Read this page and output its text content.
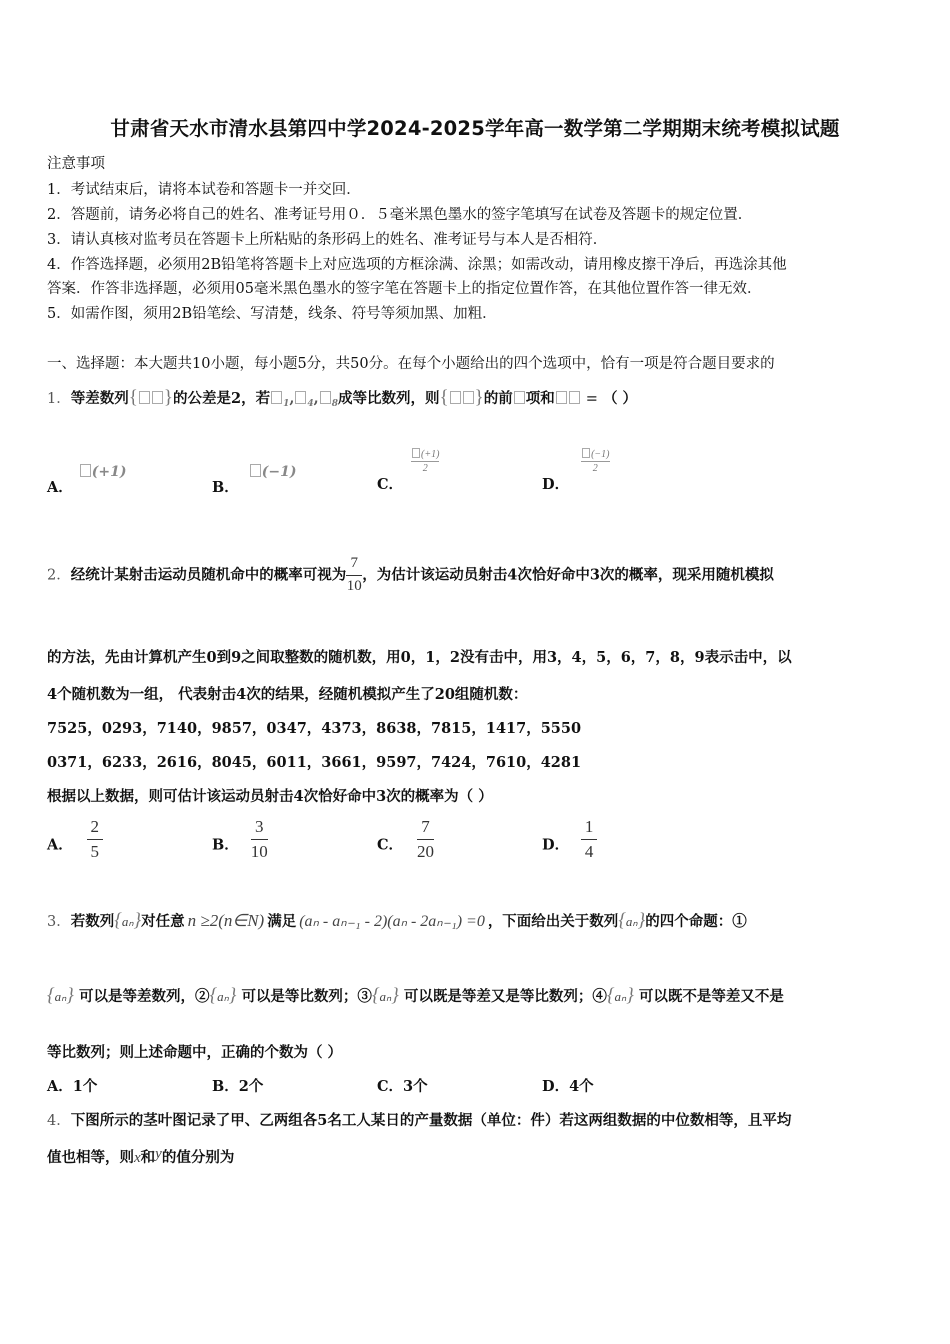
甘肃省天水市清水县第四中学2024-2025学年高一数学第二学期期末统考模拟试题
注意事项
1．考试结束后，请将本试卷和答题卡一并交回．
2．答题前，请务必将自己的姓名、准考证号用０．５毫米黑色墨水的签字笔填写在试卷及答题卡的规定位置．
3．请认真核对监考员在答题卡上所粘贴的条形码上的姓名、准考证号与本人是否相符．
4．作答选择题，必须用2B铅笔将答题卡上对应选项的方框涂满、涂黑；如需改动，请用橡皮擦干净后，再选涂其他
答案．作答非选择题，必须用05毫米黑色墨水的签字笔在答题卡上的指定位置作答，在其他位置作答一律无效．
5．如需作图，须用2B铅笔绘、写清楚，线条、符号等须加黑、加粗．
一、选择题：本大题共10小题，每小题5分，共50分。在每个小题给出的四个选项中，恰有一项是符合题目要求的
1．等差数列{ }的公差是2，若 $_1$, $_4$, $_8$成等比数列，则{ }的前 项和 = （ ）
A．(+1)
B．(−1)
C．
$\frac{(+1)}{2}$
D．
$\frac{(-1)}{2}$
2．经统计某射击运动员随机命中的概率可视为 $\frac{7}{10}$ ，为估计该运动员射击4次恰好命中3次的概率，现采用随机模拟
的方法，先由计算机产生0到9之间取整数的随机数，用0，1，2没有击中，用3，4，5，6，7，8，9表示击中，以
4个随机数为一组， 代表射击4次的结果，经随机模拟产生了20组随机数：
7525，0293，7140，9857，0347，4373，8638，7815，1417，5550
0371，6233，2616，8045，6011，3661，9597，7424，7610，4281
根据以上数据，则可估计该运动员射击4次恰好命中3次的概率为（ ）
A． $\frac{2}{5}$	B． $\frac{3}{10}$	C． $\frac{7}{20}$	D． $\frac{1}{4}$
3．若数列{aₙ}对任意 n ≥2(n∈N) 满足 (aₙ - aₙ₋₁ - 2)(aₙ - 2aₙ₋₁) =0 ，下面给出关于数列{aₙ}的四个命题：①
{aₙ} 可以是等差数列，②{aₙ} 可以是等比数列；③{aₙ} 可以既是等差又是等比数列；④{aₙ} 可以既不是等差又不是
等比数列；则上述命题中，正确的个数为（ ）
A．1个	B．2个	C．3个	D．4个
4．下图所示的茎叶图记录了甲、乙两组各5名工人某日的产量数据（单位：件）若这两组数据的中位数相等，且平均
值也相等，则x和y的值分别为
